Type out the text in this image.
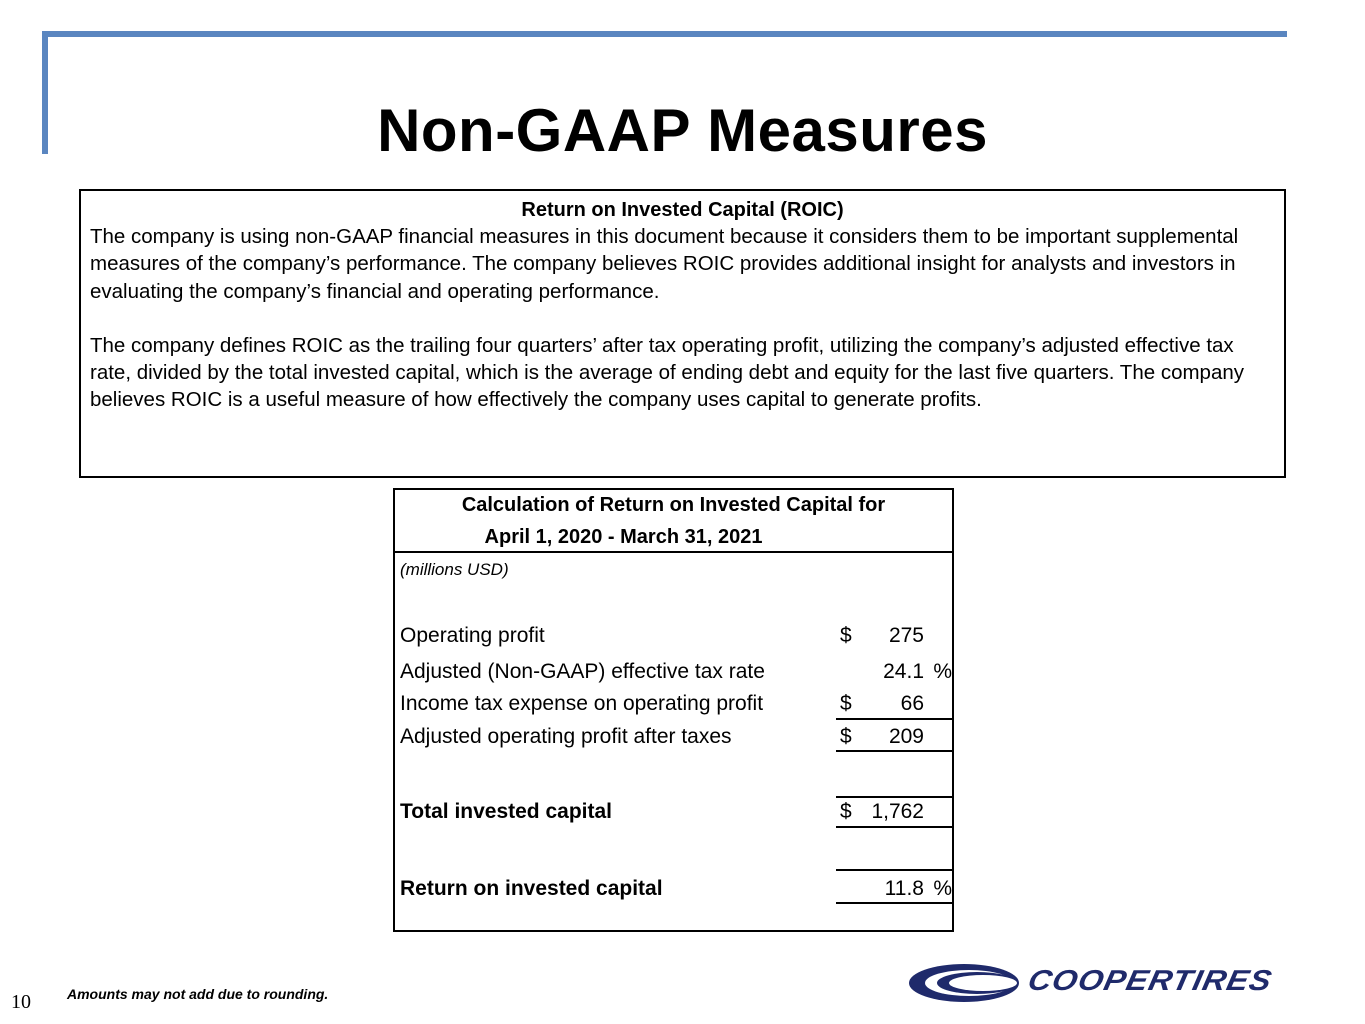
Non-GAAP Measures
Return on Invested Capital (ROIC)

The company is using non-GAAP financial measures in this document because it considers them to be important supplemental measures of the company’s performance. The company believes ROIC provides additional insight for analysts and investors in evaluating the company’s financial and operating performance.

The company defines ROIC as the trailing four quarters’ after tax operating profit, utilizing the company’s adjusted effective tax rate, divided by the total invested capital, which is the average of ending debt and equity for the last five quarters. The company believes ROIC is a useful measure of how effectively the company uses capital to generate profits.

Calculation of Return on Invested Capital for
April 1, 2020 - March 31, 2021
(millions USD)
Operating profit	$ 275
Adjusted (Non-GAAP) effective tax rate	24.1 %
Income tax expense on operating profit	$ 66
Adjusted operating profit after taxes	$ 209
Total invested capital	$ 1,762
Return on invested capital	11.8 %
10	Amounts may not add due to rounding.	COOPERTIRES
